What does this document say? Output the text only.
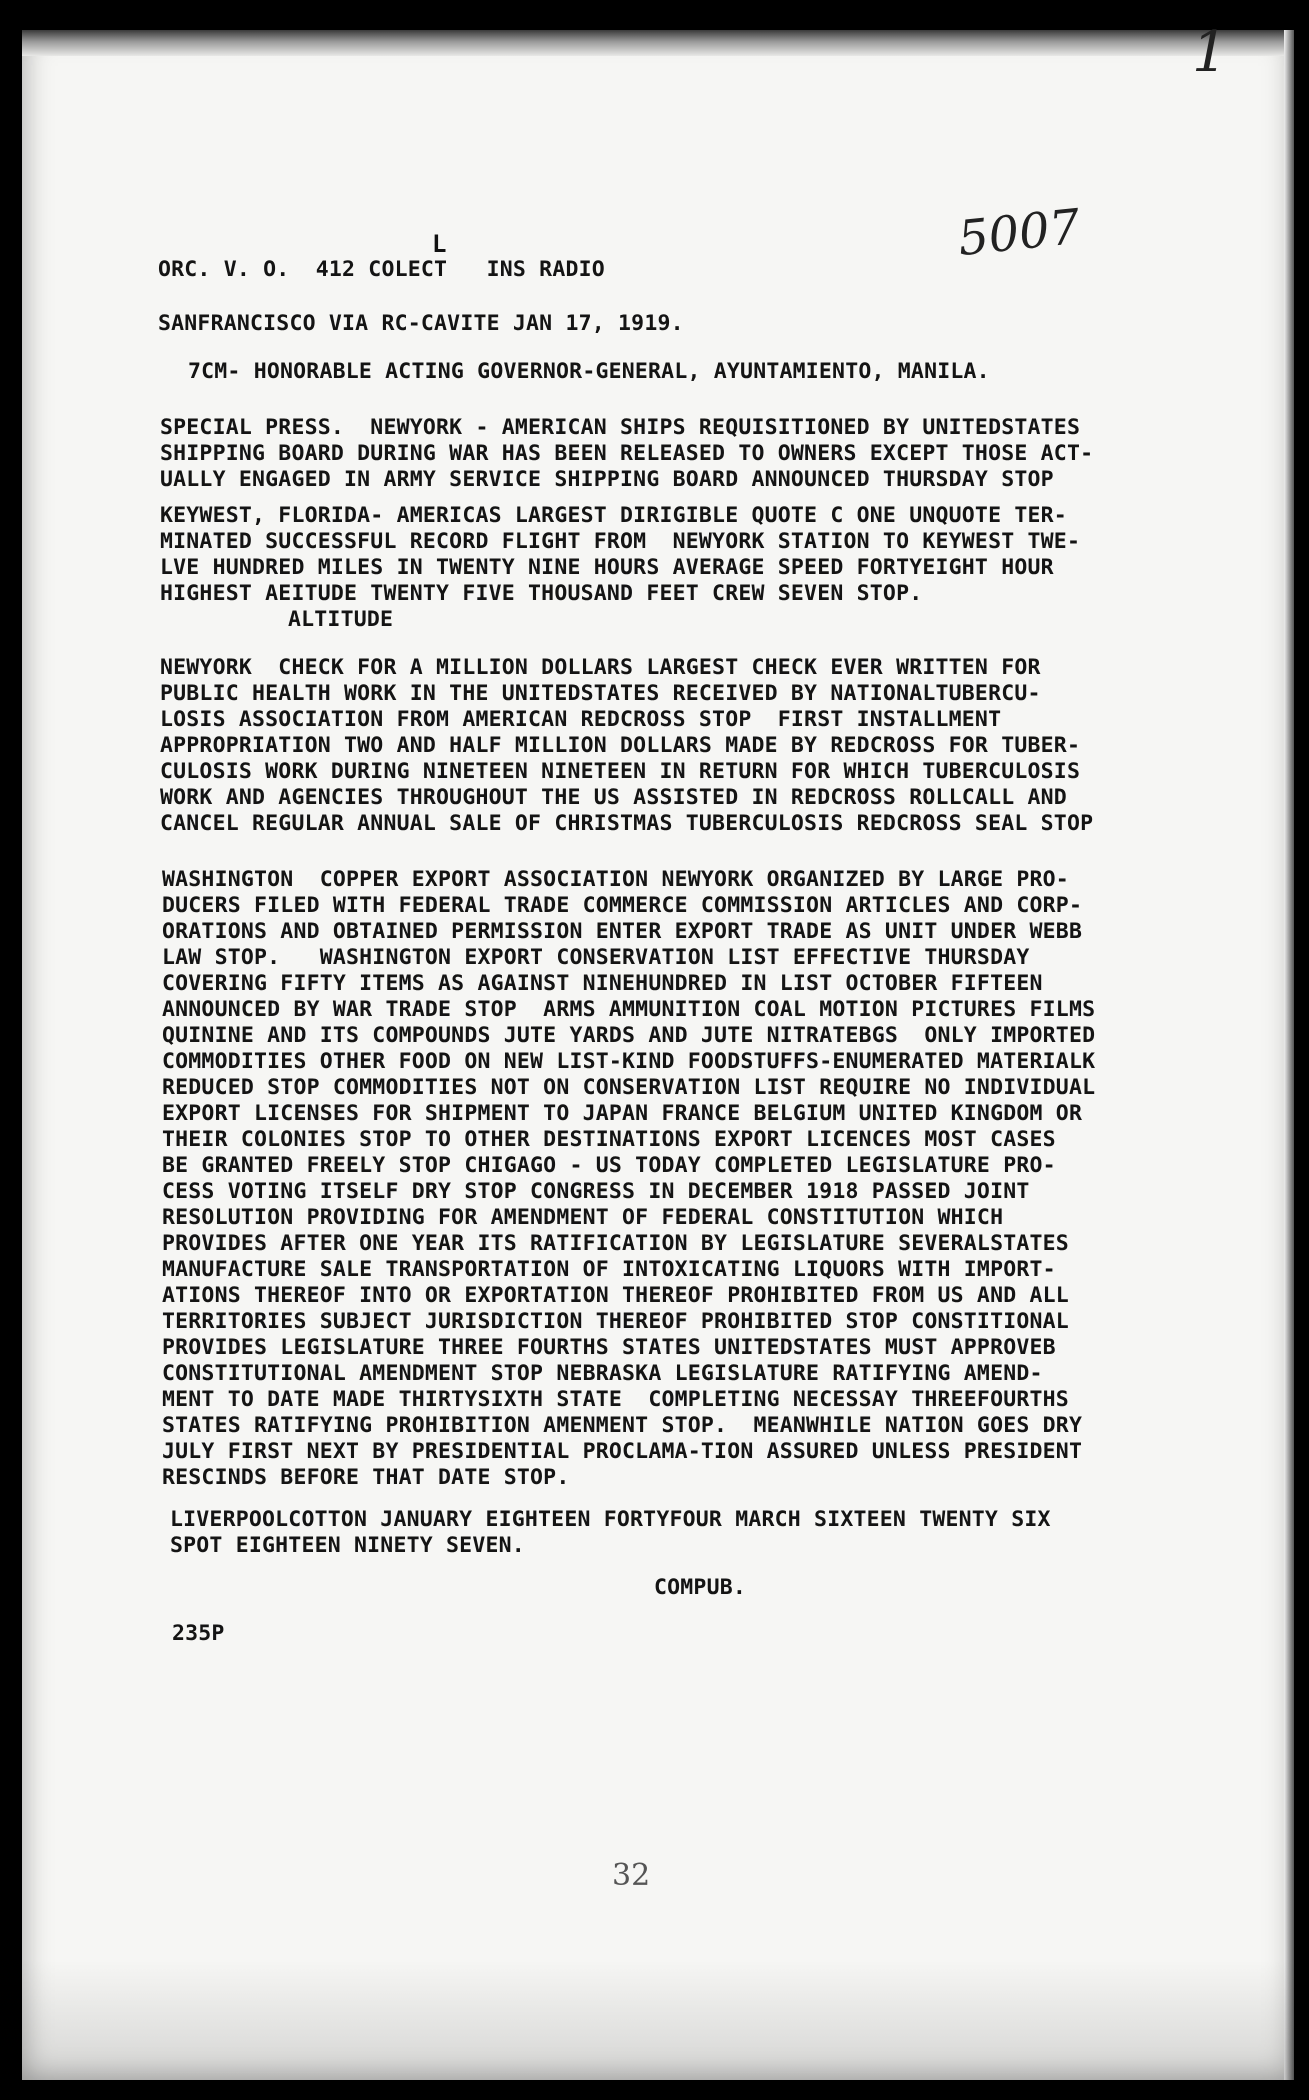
1
5007
L

ORC. V. O.  412 COLECT   INS RADIO

SANFRANCISCO VIA RC-CAVITE JAN 17, 1919.

7CM- HONORABLE ACTING GOVERNOR-GENERAL, AYUNTAMIENTO, MANILA.

SPECIAL PRESS.  NEWYORK - AMERICAN SHIPS REQUISITIONED BY UNITEDSTATES

SHIPPING BOARD DURING WAR HAS BEEN RELEASED TO OWNERS EXCEPT THOSE ACT-

UALLY ENGAGED IN ARMY SERVICE SHIPPING BOARD ANNOUNCED THURSDAY STOP

KEYWEST, FLORIDA- AMERICAS LARGEST DIRIGIBLE QUOTE C ONE UNQUOTE TER-

MINATED SUCCESSFUL RECORD FLIGHT FROM  NEWYORK STATION TO KEYWEST TWE-

LVE HUNDRED MILES IN TWENTY NINE HOURS AVERAGE SPEED FORTYEIGHT HOUR

HIGHEST AEITUDE TWENTY FIVE THOUSAND FEET CREW SEVEN STOP.

ALTITUDE

NEWYORK  CHECK FOR A MILLION DOLLARS LARGEST CHECK EVER WRITTEN FOR

PUBLIC HEALTH WORK IN THE UNITEDSTATES RECEIVED BY NATIONALTUBERCU-

LOSIS ASSOCIATION FROM AMERICAN REDCROSS STOP  FIRST INSTALLMENT

APPROPRIATION TWO AND HALF MILLION DOLLARS MADE BY REDCROSS FOR TUBER-

CULOSIS WORK DURING NINETEEN NINETEEN IN RETURN FOR WHICH TUBERCULOSIS

WORK AND AGENCIES THROUGHOUT THE US ASSISTED IN REDCROSS ROLLCALL AND

CANCEL REGULAR ANNUAL SALE OF CHRISTMAS TUBERCULOSIS REDCROSS SEAL STOP

WASHINGTON  COPPER EXPORT ASSOCIATION NEWYORK ORGANIZED BY LARGE PRO-

DUCERS FILED WITH FEDERAL TRADE COMMERCE COMMISSION ARTICLES AND CORP-

ORATIONS AND OBTAINED PERMISSION ENTER EXPORT TRADE AS UNIT UNDER WEBB

LAW STOP.   WASHINGTON EXPORT CONSERVATION LIST EFFECTIVE THURSDAY

COVERING FIFTY ITEMS AS AGAINST NINEHUNDRED IN LIST OCTOBER FIFTEEN

ANNOUNCED BY WAR TRADE STOP  ARMS AMMUNITION COAL MOTION PICTURES FILMS

QUININE AND ITS COMPOUNDS JUTE YARDS AND JUTE NITRATEBGS  ONLY IMPORTED

COMMODITIES OTHER FOOD ON NEW LIST-KIND FOODSTUFFS-ENUMERATED MATERIALK

REDUCED STOP COMMODITIES NOT ON CONSERVATION LIST REQUIRE NO INDIVIDUAL

EXPORT LICENSES FOR SHIPMENT TO JAPAN FRANCE BELGIUM UNITED KINGDOM OR

THEIR COLONIES STOP TO OTHER DESTINATIONS EXPORT LICENCES MOST CASES

BE GRANTED FREELY STOP CHIGAGO - US TODAY COMPLETED LEGISLATURE PRO-

CESS VOTING ITSELF DRY STOP CONGRESS IN DECEMBER 1918 PASSED JOINT

RESOLUTION PROVIDING FOR AMENDMENT OF FEDERAL CONSTITUTION WHICH

PROVIDES AFTER ONE YEAR ITS RATIFICATION BY LEGISLATURE SEVERALSTATES

MANUFACTURE SALE TRANSPORTATION OF INTOXICATING LIQUORS WITH IMPORT-

ATIONS THEREOF INTO OR EXPORTATION THEREOF PROHIBITED FROM US AND ALL

TERRITORIES SUBJECT JURISDICTION THEREOF PROHIBITED STOP CONSTITIONAL

PROVIDES LEGISLATURE THREE FOURTHS STATES UNITEDSTATES MUST APPROVEB

CONSTITUTIONAL AMENDMENT STOP NEBRASKA LEGISLATURE RATIFYING AMEND-

MENT TO DATE MADE THIRTYSIXTH STATE  COMPLETING NECESSAY THREEFOURTHS

STATES RATIFYING PROHIBITION AMENMENT STOP.  MEANWHILE NATION GOES DRY

JULY FIRST NEXT BY PRESIDENTIAL PROCLAMA-TION ASSURED UNLESS PRESIDENT

RESCINDS BEFORE THAT DATE STOP.

LIVERPOOLCOTTON JANUARY EIGHTEEN FORTYFOUR MARCH SIXTEEN TWENTY SIX

SPOT EIGHTEEN NINETY SEVEN.

COMPUB.

235P

32
